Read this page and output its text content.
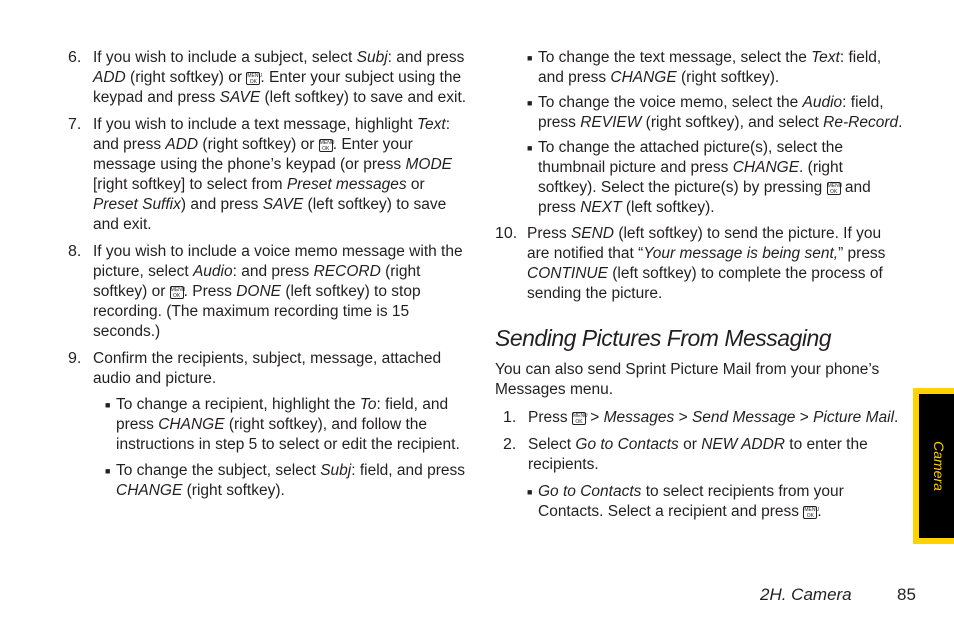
6. If you wish to include a subject, select Subj: and press ADD (right softkey) or MENU
OK . Enter your subject using the keypad and press SAVE (left softkey) to save and exit.
7. If you wish to include a text message, highlight Text: and press ADD (right softkey) or MENU
OK . Enter your message using the phone’s keypad (or press MODE [right softkey] to select from Preset messages or Preset Suffix) and press SAVE (left softkey) to save and exit.
8. If you wish to include a voice memo message with the picture, select Audio: and press RECORD (right softkey) or MENU
OK . Press DONE (left softkey) to stop recording. (The maximum recording time is 15 seconds.)
9. Confirm the recipients, subject, message, attached audio and picture.
■ To change a recipient, highlight the To: field, and press CHANGE (right softkey), and follow the instructions in step 5 to select or edit the recipient.
■ To change the subject, select Subj: field, and press CHANGE (right softkey).
■ To change the text message, select the Text: field, and press CHANGE (right softkey).
■ To change the voice memo, select the Audio: field, press REVIEW (right softkey), and select Re-Record.
■ To change the attached picture(s), select the thumbnail picture and press CHANGE. (right softkey). Select the picture(s) by pressing MENU
OK and press NEXT (left softkey).
10. Press SEND (left softkey) to send the picture. If you are notified that “Your message is being sent,” press CONTINUE (left softkey) to complete the process of sending the picture.
Sending Pictures From Messaging
You can also send Sprint Picture Mail from your phone’s Messages menu.
1. Press MENU
OK > Messages > Send Message > Picture Mail.
2. Select Go to Contacts or NEW ADDR to enter the recipients.
■ Go to Contacts to select recipients from your Contacts. Select a recipient and press MENU
OK .
Camera
2H. Camera	85
